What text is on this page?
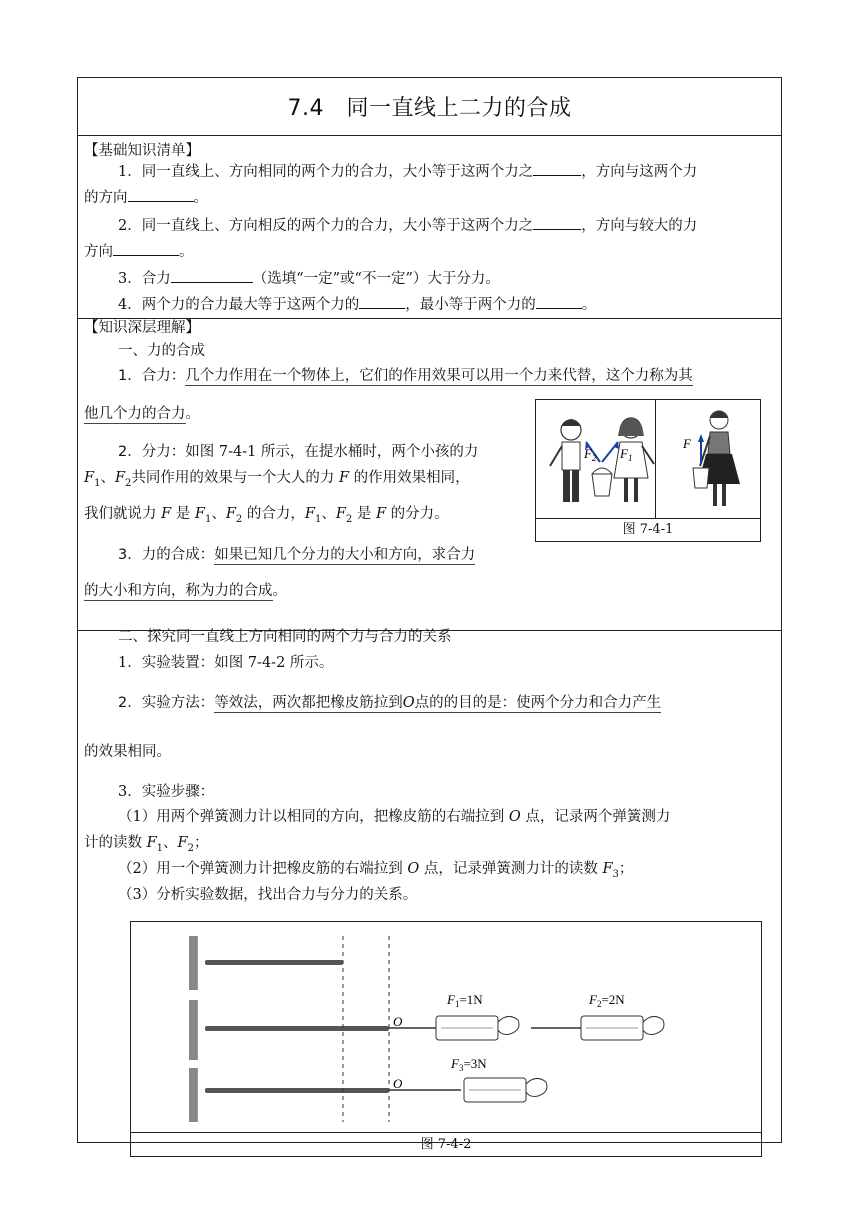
7.4　同一直线上二力的合成
【基础知识清单】
1．同一直线上、方向相同的两个力的合力，大小等于这两个力之	，方向与这两个力
的方向	。
2．同一直线上、方向相反的两个力的合力，大小等于这两个力之	，方向与较大的力
方向	。
3．合力	（选填“一定”或“不一定”）大于分力。
4．两个力的合力最大等于这两个力的	，最小等于两个力的	。
【知识深层理解】
一、力的合成
1．合力：几个力作用在一个物体上，它们的作用效果可以用一个力来代替，这个力称为其
他几个力的合力。
2．分力：如图 7-4-1 所示，在提水桶时，两个小孩的力
$F_1$、$F_2$共同作用的效果与一个大人的力 F 的作用效果相同，
我们就说力 F 是 $F_1$、$F_2$ 的合力，$F_1$、$F_2$ 是 F 的分力。
3．力的合成：如果已知几个分力的大小和方向，求合力
的大小和方向，称为力的合成。
$F_2$ $F_1$
F
图 7-4-1
二、探究同一直线上方向相同的两个力与合力的关系
1．实验装置：如图 7-4-2 所示。
2．实验方法：等效法，两次都把橡皮筋拉到O点的的目的是：使两个分力和合力产生
的效果相同。
3．实验步骤：
（1）用两个弹簧测力计以相同的方向，把橡皮筋的右端拉到 O 点，记录两个弹簧测力
计的读数 $F_1$、$F_2$；
（2）用一个弹簧测力计把橡皮筋的右端拉到 O 点，记录弹簧测力计的读数 $F_3$；
（3）分析实验数据，找出合力与分力的关系。
O
O
$F_1=1N$	$F_2=2N$
$F_3=3N$
图 7-4-2
